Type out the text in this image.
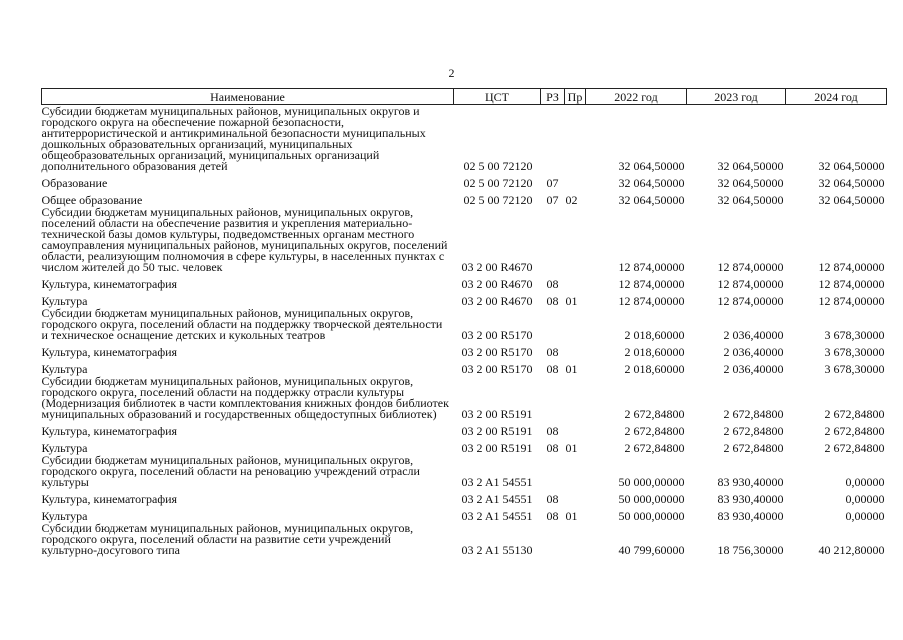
2
Наименование	ЦСТ	РЗ	Пр	2022 год	2023 год	2024 год
Субсидии бюджетам муниципальных районов, муниципальных округов и городского округа на обеспечение пожарной безопасности, антитеррористической и антикриминальной безопасности муниципальных дошкольных образовательных организаций, муниципальных общеобразовательных организаций, муниципальных организаций дополнительного образования детей	02 5 00 72120			32 064,50000	32 064,50000	32 064,50000
Образование	02 5 00 72120	07		32 064,50000	32 064,50000	32 064,50000
Общее образование	02 5 00 72120	07	02	32 064,50000	32 064,50000	32 064,50000
Субсидии бюджетам муниципальных районов, муниципальных округов, поселений области на обеспечение развития и укрепления материально-технической базы домов культуры, подведомственных органам местного самоуправления муниципальных районов, муниципальных округов, поселений области, реализующим полномочия в сфере культуры, в населенных пунктах с числом жителей до 50 тыс. человек	03 2 00 R4670			12 874,00000	12 874,00000	12 874,00000
Культура, кинематография	03 2 00 R4670	08		12 874,00000	12 874,00000	12 874,00000
Культура	03 2 00 R4670	08	01	12 874,00000	12 874,00000	12 874,00000
Субсидии бюджетам муниципальных районов, муниципальных округов, городского округа, поселений области на поддержку творческой деятельности и техническое оснащение детских и кукольных театров	03 2 00 R5170			2 018,60000	2 036,40000	3 678,30000
Культура, кинематография	03 2 00 R5170	08		2 018,60000	2 036,40000	3 678,30000
Культура	03 2 00 R5170	08	01	2 018,60000	2 036,40000	3 678,30000
Субсидии бюджетам муниципальных районов, муниципальных округов, городского округа, поселений области на поддержку отрасли культуры (Модернизация библиотек в части комплектования книжных фондов библиотек муниципальных образований и государственных общедоступных библиотек)	03 2 00 R5191			2 672,84800	2 672,84800	2 672,84800
Культура, кинематография	03 2 00 R5191	08		2 672,84800	2 672,84800	2 672,84800
Культура	03 2 00 R5191	08	01	2 672,84800	2 672,84800	2 672,84800
Субсидии бюджетам муниципальных районов, муниципальных округов, городского округа, поселений области на реновацию учреждений отрасли культуры	03 2 A1 54551			50 000,00000	83 930,40000	0,00000
Культура, кинематография	03 2 A1 54551	08		50 000,00000	83 930,40000	0,00000
Культура	03 2 A1 54551	08	01	50 000,00000	83 930,40000	0,00000
Субсидии бюджетам муниципальных районов, муниципальных округов, городского округа, поселений области на развитие сети учреждений культурно-досугового типа	03 2 A1 55130			40 799,60000	18 756,30000	40 212,80000
